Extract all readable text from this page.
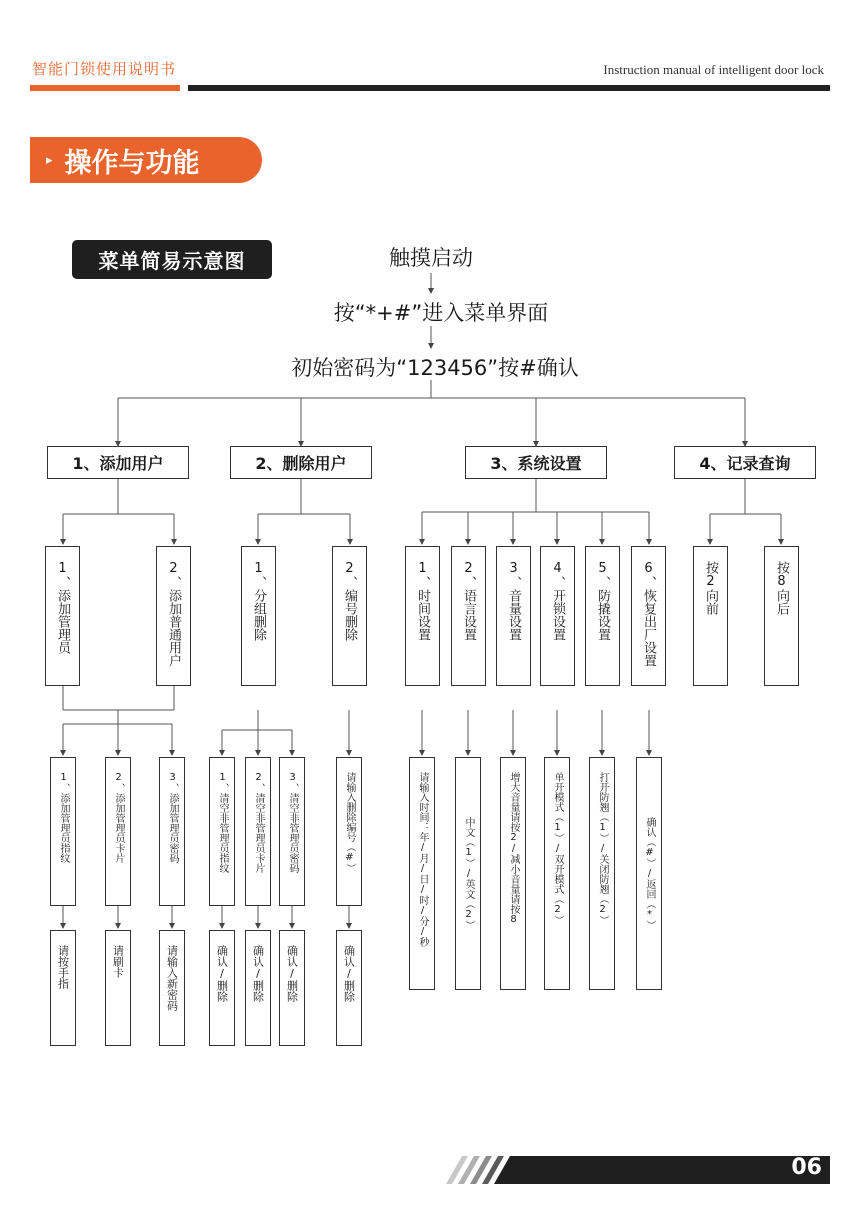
智能门锁使用说明书	Instruction manual of intelligent door lock
▸ 操作与功能
菜单简易示意图	触摸启动
按“*+#”进入菜单界面
初始密码为“123456”按#确认
1、添加用户	2、删除用户	3、系统设置	4、记录查询
1、添加管理员	2、添加普通用户	1、分组删除	2、编号删除	1、时间设置 2、语言设置 3、音量设置 4、开锁设置 5、防撬设置 6、恢复出厂设置	按2向前	按8向后
1、添加管理员指纹	2、添加管理员卡片	3、添加管理员密码	1、清空非管理员指纹	2、清空非管理员卡片 3、清空非管理员密码	请输入删除编号（#）	请输入时间：年/月/日/时/分/秒	中文（1）/英文（2）	增大音量请按2/减小音量请按8	单开模式（1）/双开模式（2）	打开防翘（1）/关闭防翘（2）	确认（#）/返回（*）
请按手指	请刷卡	请输入新密码	确认/删除 确认/删除 确认/删除	确认/删除
06
